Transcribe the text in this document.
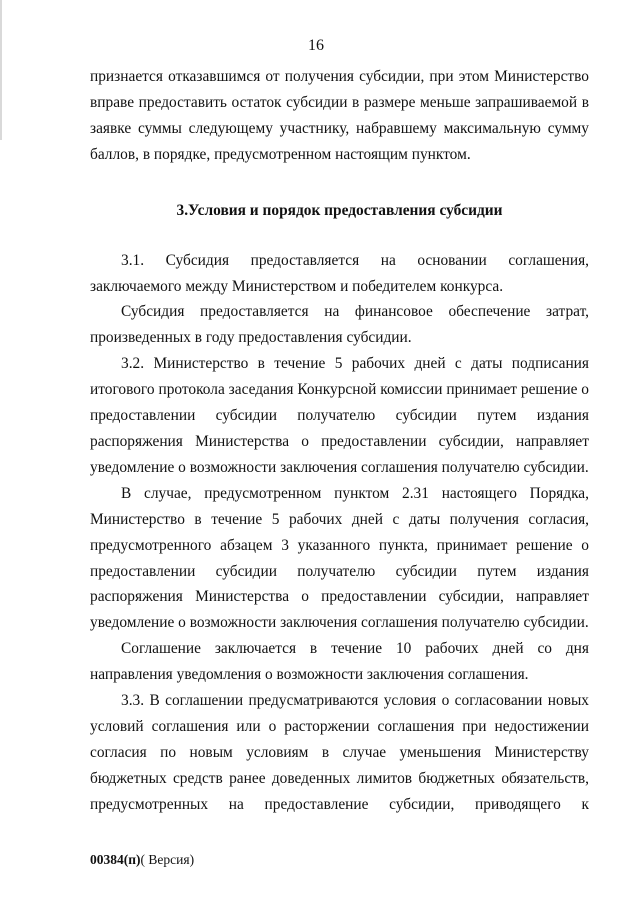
16

признается отказавшимся от получения субсидии, при этом Министерство вправе предоставить остаток субсидии в размере меньше запрашиваемой в заявке суммы следующему участнику, набравшему максимальную сумму баллов, в порядке, предусмотренном настоящим пунктом.

3.Условия и порядок предоставления субсидии

3.1. Субсидия предоставляется на основании соглашения, заключаемого между Министерством и победителем конкурса.

Субсидия предоставляется на финансовое обеспечение затрат, произведенных в году предоставления субсидии.

3.2. Министерство в течение 5 рабочих дней с даты подписания итогового протокола заседания Конкурсной комиссии принимает решение о предоставлении субсидии получателю субсидии путем издания распоряжения Министерства о предоставлении субсидии, направляет уведомление о возможности заключения соглашения получателю субсидии.

В случае, предусмотренном пунктом 2.31 настоящего Порядка, Министерство в течение 5 рабочих дней с даты получения согласия, предусмотренного абзацем 3 указанного пункта, принимает решение о предоставлении субсидии получателю субсидии путем издания распоряжения Министерства о предоставлении субсидии, направляет уведомление о возможности заключения соглашения получателю субсидии.

Соглашение заключается в течение 10 рабочих дней со дня направления уведомления о возможности заключения соглашения.

3.3. В соглашении предусматриваются условия о согласовании новых условий соглашения или о расторжении соглашения при недостижении согласия по новым условиям в случае уменьшения Министерству бюджетных средств ранее доведенных лимитов бюджетных обязательств, предусмотренных на предоставление субсидии, приводящего к

00384(п)( Версия)
